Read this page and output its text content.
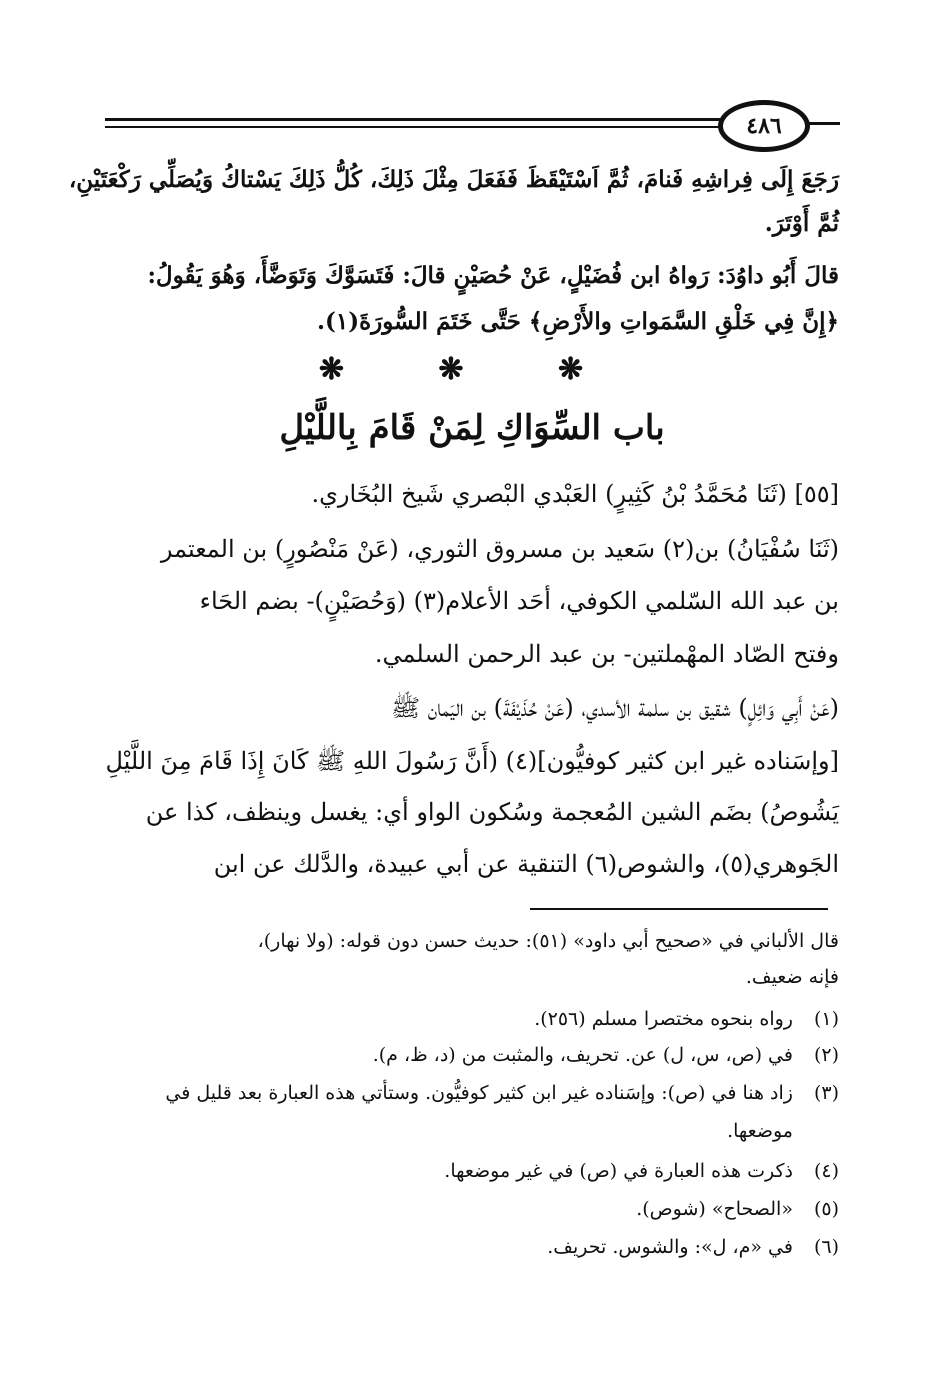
٤٨٦
رَجَعَ إِلَى فِراشِهِ فَنامَ، ثُمَّ اَسْتَيْقَظَ فَفَعَلَ مِثْلَ ذَلِكَ، كُلُّ ذَلِكَ يَسْتاكُ وَيُصَلِّي رَكْعَتَيْنِ،
ثُمَّ أَوْتَرَ.
قالَ أَبُو داوُدَ: رَواهُ ابن فُضَيْلٍ، عَنْ حُصَيْنٍ قالَ: فَتَسَوَّكَ وَتَوَضَّأَ، وَهُوَ يَقُولُ:
﴿إِنَّ فِي خَلْقِ السَّمَواتِ والأَرْضِ﴾ حَتَّى خَتَمَ السُّورَةَ(١).
❋ ❋ ❋
باب السِّوَاكِ لِمَنْ قَامَ بِاللَّيْلِ
[٥٥] (ثَنَا مُحَمَّدُ بْنُ كَثِيرٍ) العَبْدي البْصري شَيخ البُخَاري.
(ثَنَا سُفْيَانُ) بن(٢) سَعيد بن مسروق الثوري، (عَنْ مَنْصُورٍ) بن المعتمر
بن عبد الله السّلمي الكوفي، أحَد الأعلام(٣) (وَحُصَيْنٍ)- بضم الحَاء
وفتح الصّاد المهْملتين- بن عبد الرحمن السلمي.
(عَنْ أَبِي وَائِلٍ) شقيق بن سلمة الأسدي، (عَنْ حُذَيْفَةَ) بن اليَمان ﷺ
[وإسَناده غير ابن كثير كوفيُّون](٤) (أَنَّ رَسُولَ اللهِ ﷺ كَانَ إِذَا قَامَ مِنَ اللَّيْلِ
يَشُوصُ) بضَم الشين المُعجمة وسُكون الواو أي: يغسل وينظف، كذا عن
الجَوهري(٥)، والشوص(٦) التنقية عن أبي عبيدة، والدَّلك عن ابن
قال الألباني في «صحيح أبي داود» (٥١): حديث حسن دون قوله: (ولا نهار)،
فإنه ضعيف.
(١) رواه بنحوه مختصرا مسلم (٢٥٦).
(٢) في (ص، س، ل) عن. تحريف، والمثبت من (د، ظ، م).
(٣) زاد هنا في (ص): وإسَناده غير ابن كثير كوفيُّون. وستأتي هذه العبارة بعد قليل في
موضعها.
(٤) ذكرت هذه العبارة في (ص) في غير موضعها.
(٥) «الصحاح» (شوص).
(٦) في «م، ل»: والشوس. تحريف.
